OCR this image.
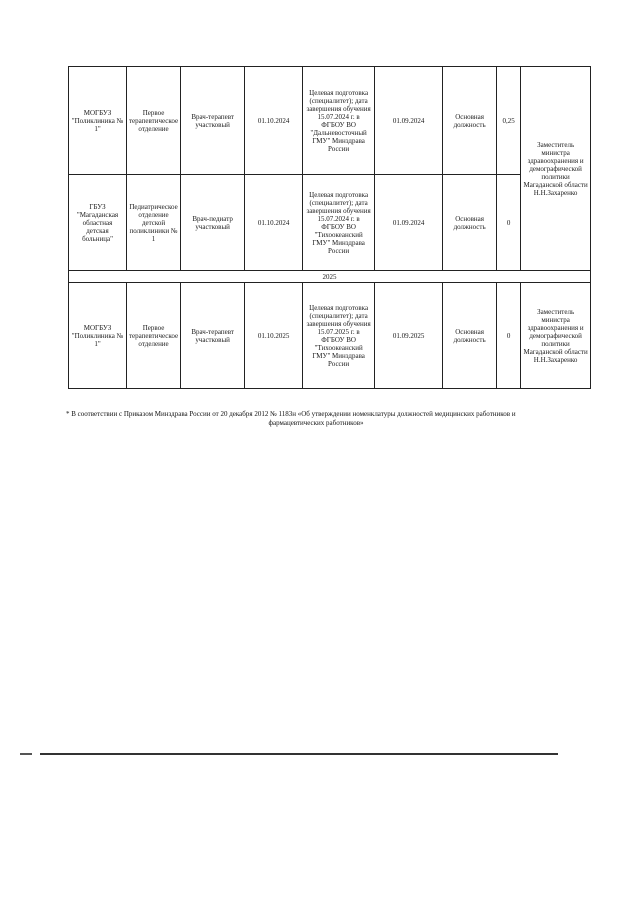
МОГБУЗ "Поликлиника № 1"	Первое терапевтическое отделение	Врач-терапевт участковый	01.10.2024	Целевая подготовка (специалитет); дата завершения обучения 15.07.2024 г. в ФГБОУ ВО "Дальневосточный ГМУ" Минздрава России	01.09.2024	Основная должность	0,25	Заместитель министра здравоохранения и демографической политики Магаданской области Н.Н.Захаренко
ГБУЗ "Магаданская областная детская больница"	Педиатрическое отделение детской поликлиники № 1	Врач-педиатр участковый	01.10.2024	Целевая подготовка (специалитет); дата завершения обучения 15.07.2024 г. в ФГБОУ ВО "Тихоокеанский ГМУ" Минздрава России	01.09.2024	Основная должность	0	
2025								
МОГБУЗ "Поликлиника № 1"	Первое терапевтическое отделение	Врач-терапевт участковый	01.10.2025	Целевая подготовка (специалитет); дата завершения обучения 15.07.2025 г. в ФГБОУ ВО "Тихоокеанский ГМУ" Минздрава России	01.09.2025	Основная должность	0	Заместитель министра здравоохранения и демографической политики Магаданской области Н.Н.Захаренко
* В соответствии с Приказом Минздрава России от 20 декабря 2012 № 1183н «Об утверждении номенклатуры должностей медицинских работников и
фармацевтических работников»
